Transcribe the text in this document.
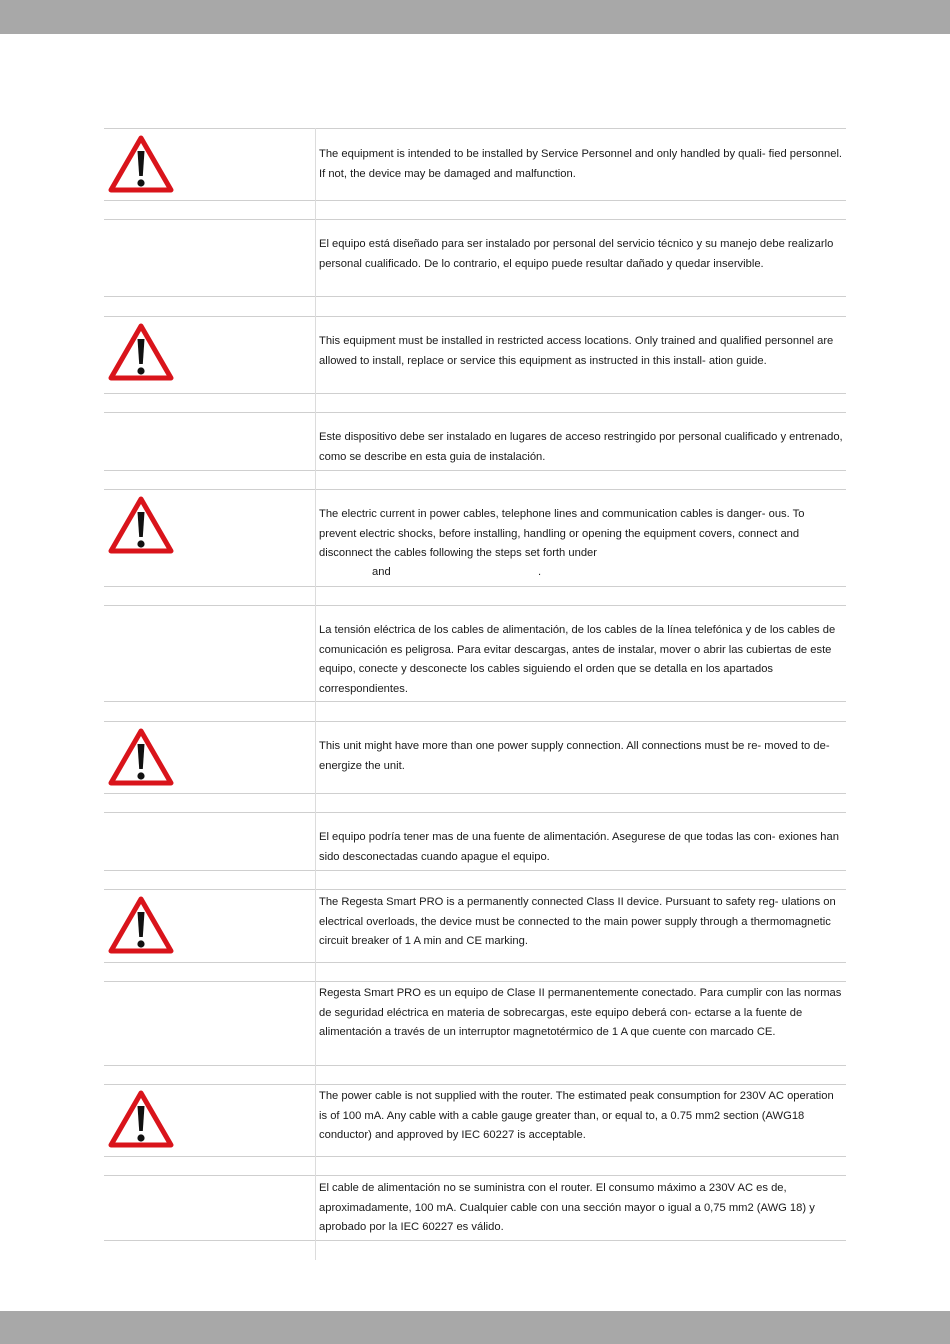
The equipment is intended to be installed by Service Personnel and only handled by quali- fied personnel. If not, the device may be damaged and malfunction.

El equipo está diseñado para ser instalado por personal del servicio técnico y su manejo debe realizarlo personal cualificado. De lo contrario, el equipo puede resultar dañado y quedar inservible.

This equipment must be installed in restricted access locations. Only trained and qualified personnel are allowed to install, replace or service this equipment as instructed in this install- ation guide.

Este dispositivo debe ser instalado en lugares de acceso restringido por personal cualificado y entrenado, como se describe en esta guia de instalación.

The electric current in power cables, telephone lines and communication cables is danger- ous. To prevent electric shocks, before installing, handling or opening the equipment covers, connect and disconnect the cables following the steps set forth under

and	.

La tensión eléctrica de los cables de alimentación, de los cables de la línea telefónica y de los cables de comunicación es peligrosa. Para evitar descargas, antes de instalar, mover o abrir las cubiertas de este equipo, conecte y desconecte los cables siguiendo el orden que se detalla en los apartados correspondientes.

This unit might have more than one power supply connection. All connections must be re- moved to de-energize the unit.

El equipo podría tener mas de una fuente de alimentación. Asegurese de que todas las con- exiones han sido desconectadas cuando apague el equipo.

The Regesta Smart PRO is a permanently connected Class II device. Pursuant to safety reg- ulations on electrical overloads, the device must be connected to the main power supply through a thermomagnetic circuit breaker of 1 A min and CE marking.

Regesta Smart PRO es un equipo de Clase II permanentemente conectado. Para cumplir con las normas de seguridad eléctrica en materia de sobrecargas, este equipo deberá con- ectarse a la fuente de alimentación a través de un interruptor magnetotérmico de 1 A que cuente con marcado CE.

The power cable is not supplied with the router. The estimated peak consumption for 230V AC operation is of 100 mA. Any cable with a cable gauge greater than, or equal to, a 0.75 mm2 section (AWG18 conductor) and approved by IEC 60227 is acceptable.

El cable de alimentación no se suministra con el router. El consumo máximo a 230V AC es de, aproximadamente, 100 mA. Cualquier cable con una sección mayor o igual a 0,75 mm2 (AWG 18) y aprobado por la IEC 60227 es válido.
